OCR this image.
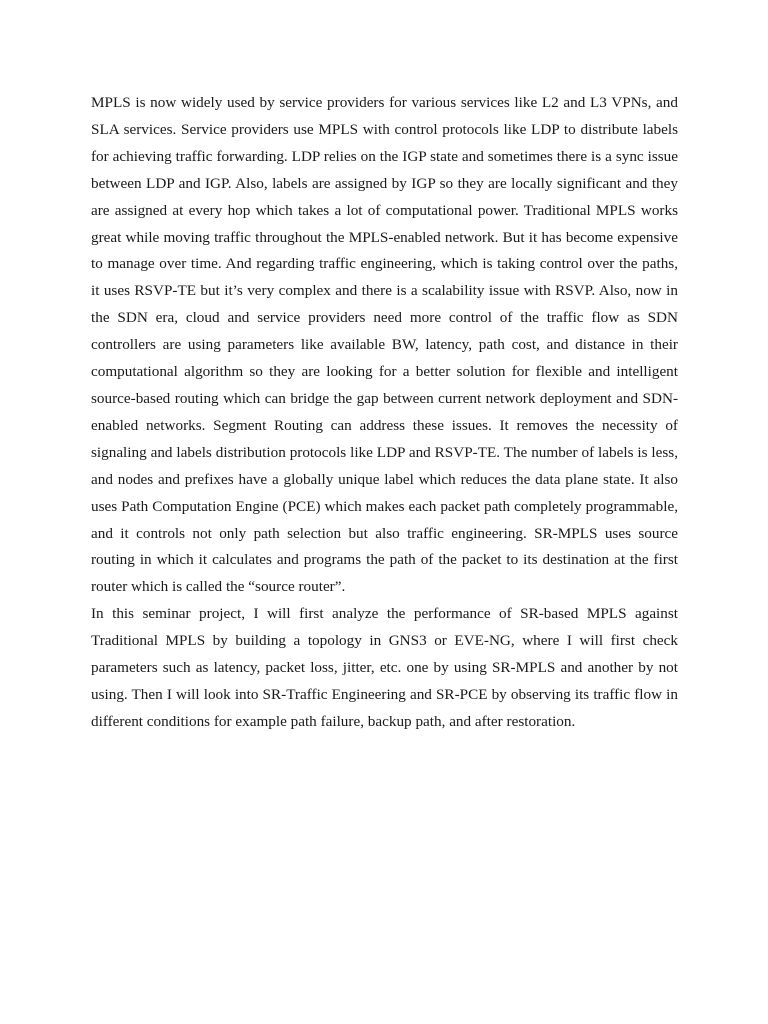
MPLS is now widely used by service providers for various services like L2 and L3 VPNs, and SLA services. Service providers use MPLS with control protocols like LDP to distribute labels for achieving traffic forwarding. LDP relies on the IGP state and sometimes there is a sync issue between LDP and IGP. Also, labels are assigned by IGP so they are locally significant and they are assigned at every hop which takes a lot of computational power. Traditional MPLS works great while moving traffic throughout the MPLS-enabled network. But it has become expensive to manage over time. And regarding traffic engineering, which is taking control over the paths, it uses RSVP-TE but it’s very complex and there is a scalability issue with RSVP. Also, now in the SDN era, cloud and service providers need more control of the traffic flow as SDN controllers are using parameters like available BW, latency, path cost, and distance in their computational algorithm so they are looking for a better solution for flexible and intelligent source-based routing which can bridge the gap between current network deployment and SDN-enabled networks. Segment Routing can address these issues. It removes the necessity of signaling and labels distribution protocols like LDP and RSVP-TE. The number of labels is less, and nodes and prefixes have a globally unique label which reduces the data plane state. It also uses Path Computation Engine (PCE) which makes each packet path completely programmable, and it controls not only path selection but also traffic engineering. SR-MPLS uses source routing in which it calculates and programs the path of the packet to its destination at the first router which is called the “source router”.

In this seminar project, I will first analyze the performance of SR-based MPLS against Traditional MPLS by building a topology in GNS3 or EVE-NG, where I will first check parameters such as latency, packet loss, jitter, etc. one by using SR-MPLS and another by not using. Then I will look into SR-Traffic Engineering and SR-PCE by observing its traffic flow in different conditions for example path failure, backup path, and after restoration.
